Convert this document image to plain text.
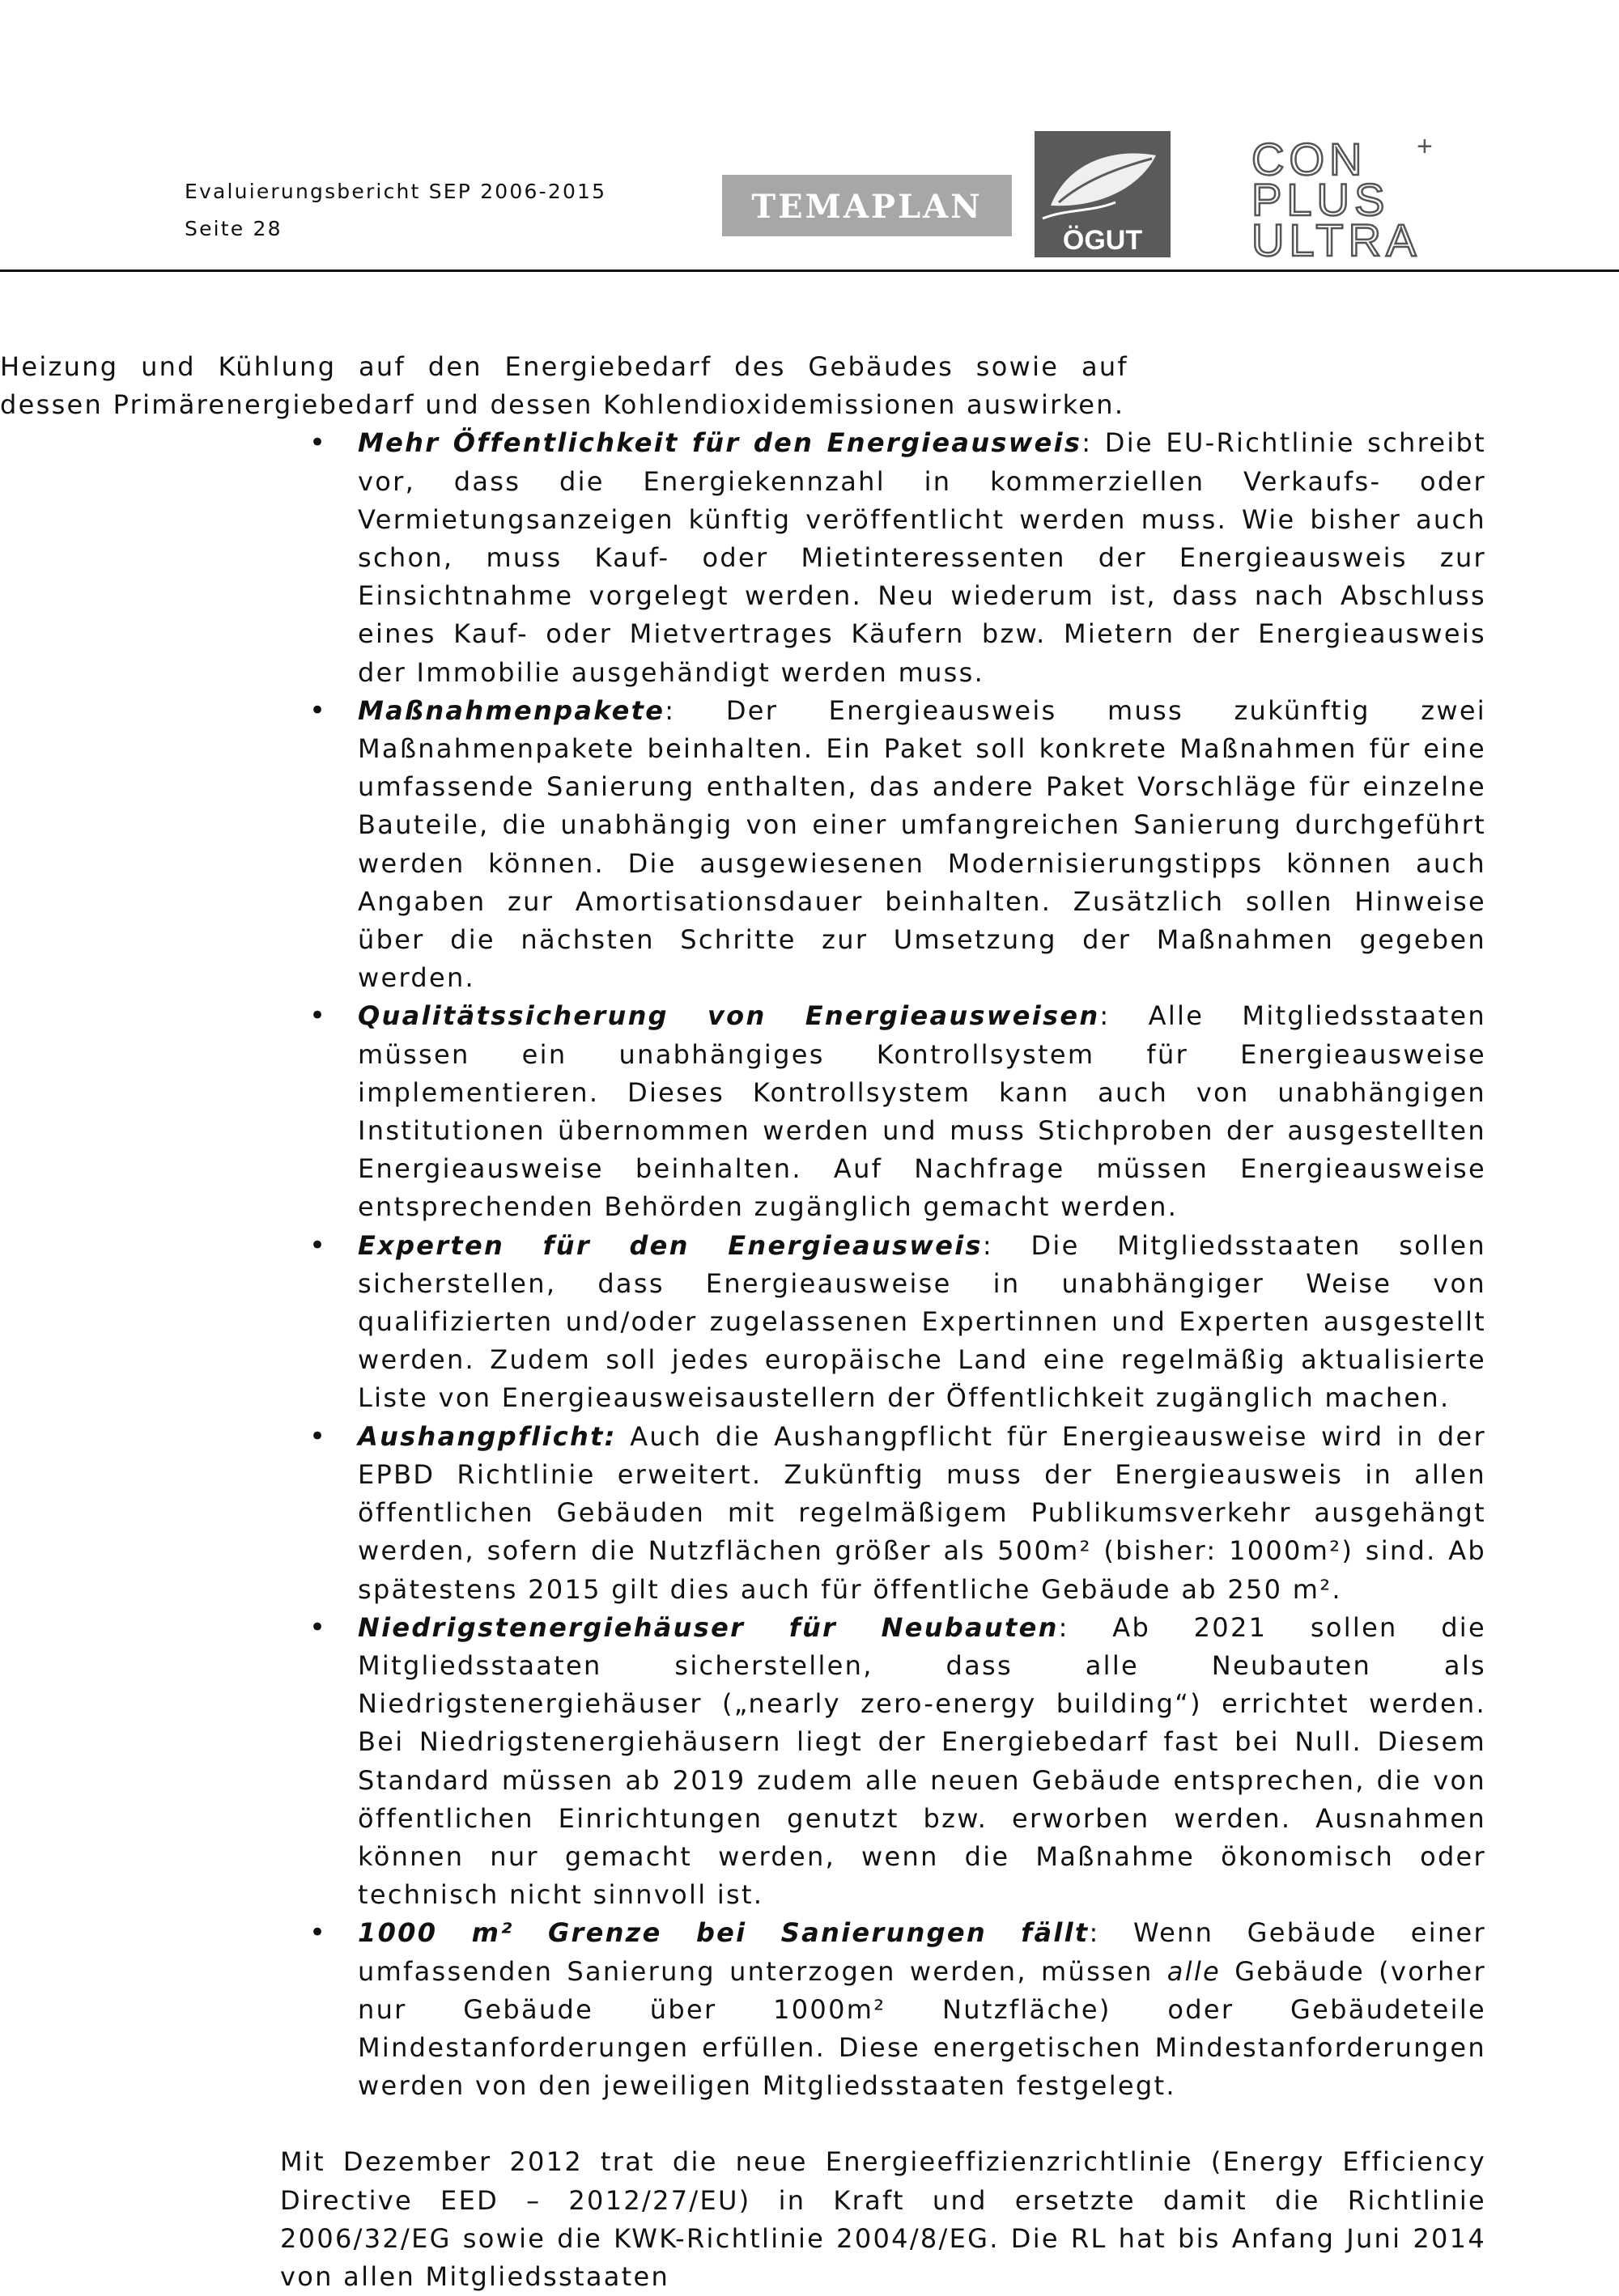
Evaluierungsbericht SEP 2006-2015
Seite 28
TEMAPLAN
ÖGUT
CON
PLUS
ULTRA
+

Heizung und Kühlung auf den Energiebedarf des Gebäudes sowie auf dessen Primärenergiebedarf und dessen Kohlendioxidemissionen auswirken.

• Mehr Öffentlichkeit für den Energieausweis: Die EU-Richtlinie schreibt vor, dass die Energiekennzahl in kommerziellen Verkaufs- oder Vermietungsanzeigen künftig veröffentlicht werden muss. Wie bisher auch schon, muss Kauf- oder Mietinteressenten der Energieausweis zur Einsichtnahme vorgelegt werden. Neu wiederum ist, dass nach Abschluss eines Kauf- oder Mietvertrages Käufern bzw. Mietern der Energieausweis der Immobilie ausgehändigt werden muss.
• Maßnahmenpakete: Der Energieausweis muss zukünftig zwei Maßnahmenpakete beinhalten. Ein Paket soll konkrete Maßnahmen für eine umfassende Sanierung enthalten, das andere Paket Vorschläge für einzelne Bauteile, die unabhängig von einer umfangreichen Sanierung durchgeführt werden können. Die ausgewiesenen Modernisierungstipps können auch Angaben zur Amortisationsdauer beinhalten. Zusätzlich sollen Hinweise über die nächsten Schritte zur Umsetzung der Maßnahmen gegeben werden.
• Qualitätssicherung von Energieausweisen: Alle Mitgliedsstaaten müssen ein unabhängiges Kontrollsystem für Energieausweise implementieren. Dieses Kontrollsystem kann auch von unabhängigen Institutionen übernommen werden und muss Stichproben der ausgestellten Energieausweise beinhalten. Auf Nachfrage müssen Energieausweise entsprechenden Behörden zugänglich gemacht werden.
• Experten für den Energieausweis: Die Mitgliedsstaaten sollen sicherstellen, dass Energieausweise in unabhängiger Weise von qualifizierten und/oder zugelassenen Expertinnen und Experten ausgestellt werden. Zudem soll jedes europäische Land eine regelmäßig aktualisierte Liste von Energieausweisaustellern der Öffentlichkeit zugänglich machen.
• Aushangpflicht: Auch die Aushangpflicht für Energieausweise wird in der EPBD Richtlinie erweitert. Zukünftig muss der Energieausweis in allen öffentlichen Gebäuden mit regelmäßigem Publikumsverkehr ausgehängt werden, sofern die Nutzflächen größer als 500m² (bisher: 1000m²) sind. Ab spätestens 2015 gilt dies auch für öffentliche Gebäude ab 250 m².
• Niedrigstenergiehäuser für Neubauten: Ab 2021 sollen die Mitgliedsstaaten sicherstellen, dass alle Neubauten als Niedrigstenergiehäuser („nearly zero-energy building“) errichtet werden. Bei Niedrigstenergiehäusern liegt der Energiebedarf fast bei Null. Diesem Standard müssen ab 2019 zudem alle neuen Gebäude entsprechen, die von öffentlichen Einrichtungen genutzt bzw. erworben werden. Ausnahmen können nur gemacht werden, wenn die Maßnahme ökonomisch oder technisch nicht sinnvoll ist.
• 1000 m² Grenze bei Sanierungen fällt: Wenn Gebäude einer umfassenden Sanierung unterzogen werden, müssen alle Gebäude (vorher nur Gebäude über 1000m² Nutzfläche) oder Gebäudeteile Mindestanforderungen erfüllen. Diese energetischen Mindestanforderungen werden von den jeweiligen Mitgliedsstaaten festgelegt.

Mit Dezember 2012 trat die neue Energieeffizienzrichtlinie (Energy Efficiency Directive EED – 2012/27/EU) in Kraft und ersetzte damit die Richtlinie 2006/32/EG sowie die KWK-Richtlinie 2004/8/EG. Die RL hat bis Anfang Juni 2014 von allen Mitgliedsstaaten
